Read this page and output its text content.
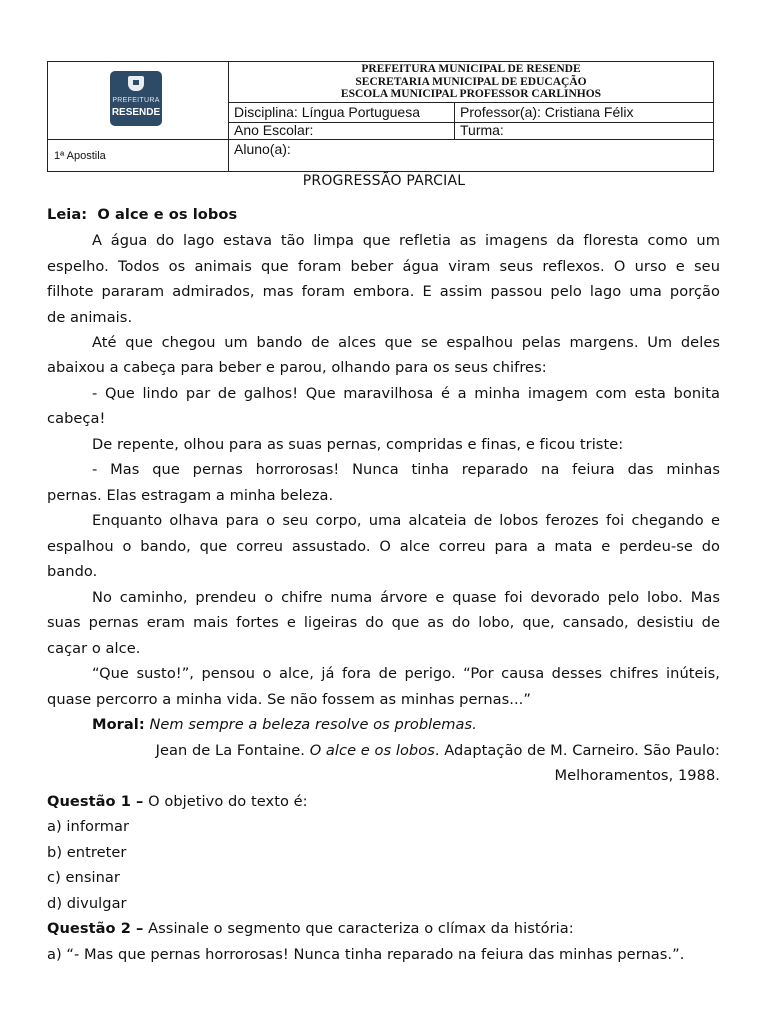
PREFEITURA
RESENDE
1ª Apostila
PREFEITURA MUNICIPAL DE RESENDE
SECRETARIA MUNICIPAL DE EDUCAÇÃO
ESCOLA MUNICIPAL PROFESSOR CARLINHOS
Disciplina: Língua Portuguesa	Professor(a): Cristiana Félix
Ano Escolar:	Turma:
Aluno(a):
PROGRESSÃO PARCIAL
Leia: O alce e os lobos
A água do lago estava tão limpa que refletia as imagens da floresta como um
espelho. Todos os animais que foram beber água viram seus reflexos. O urso e seu
filhote pararam admirados, mas foram embora. E assim passou pelo lago uma porção
de animais.
Até que chegou um bando de alces que se espalhou pelas margens. Um deles
abaixou a cabeça para beber e parou, olhando para os seus chifres:
- Que lindo par de galhos! Que maravilhosa é a minha imagem com esta bonita
cabeça!
De repente, olhou para as suas pernas, compridas e finas, e ficou triste:
- Mas que pernas horrorosas! Nunca tinha reparado na feiura das minhas
pernas. Elas estragam a minha beleza.
Enquanto olhava para o seu corpo, uma alcateia de lobos ferozes foi chegando e
espalhou o bando, que correu assustado. O alce correu para a mata e perdeu-se do
bando.
No caminho, prendeu o chifre numa árvore e quase foi devorado pelo lobo. Mas
suas pernas eram mais fortes e ligeiras do que as do lobo, que, cansado, desistiu de
caçar o alce.
“Que susto!”, pensou o alce, já fora de perigo. “Por causa desses chifres inúteis,
quase percorro a minha vida. Se não fossem as minhas pernas...”
Moral: Nem sempre a beleza resolve os problemas.
Jean de La Fontaine. O alce e os lobos. Adaptação de M. Carneiro. São Paulo:
Melhoramentos, 1988.
Questão 1 – O objetivo do texto é:
a) informar
b) entreter
c) ensinar
d) divulgar
Questão 2 – Assinale o segmento que caracteriza o clímax da história:
a) “- Mas que pernas horrorosas! Nunca tinha reparado na feiura das minhas pernas.”.
